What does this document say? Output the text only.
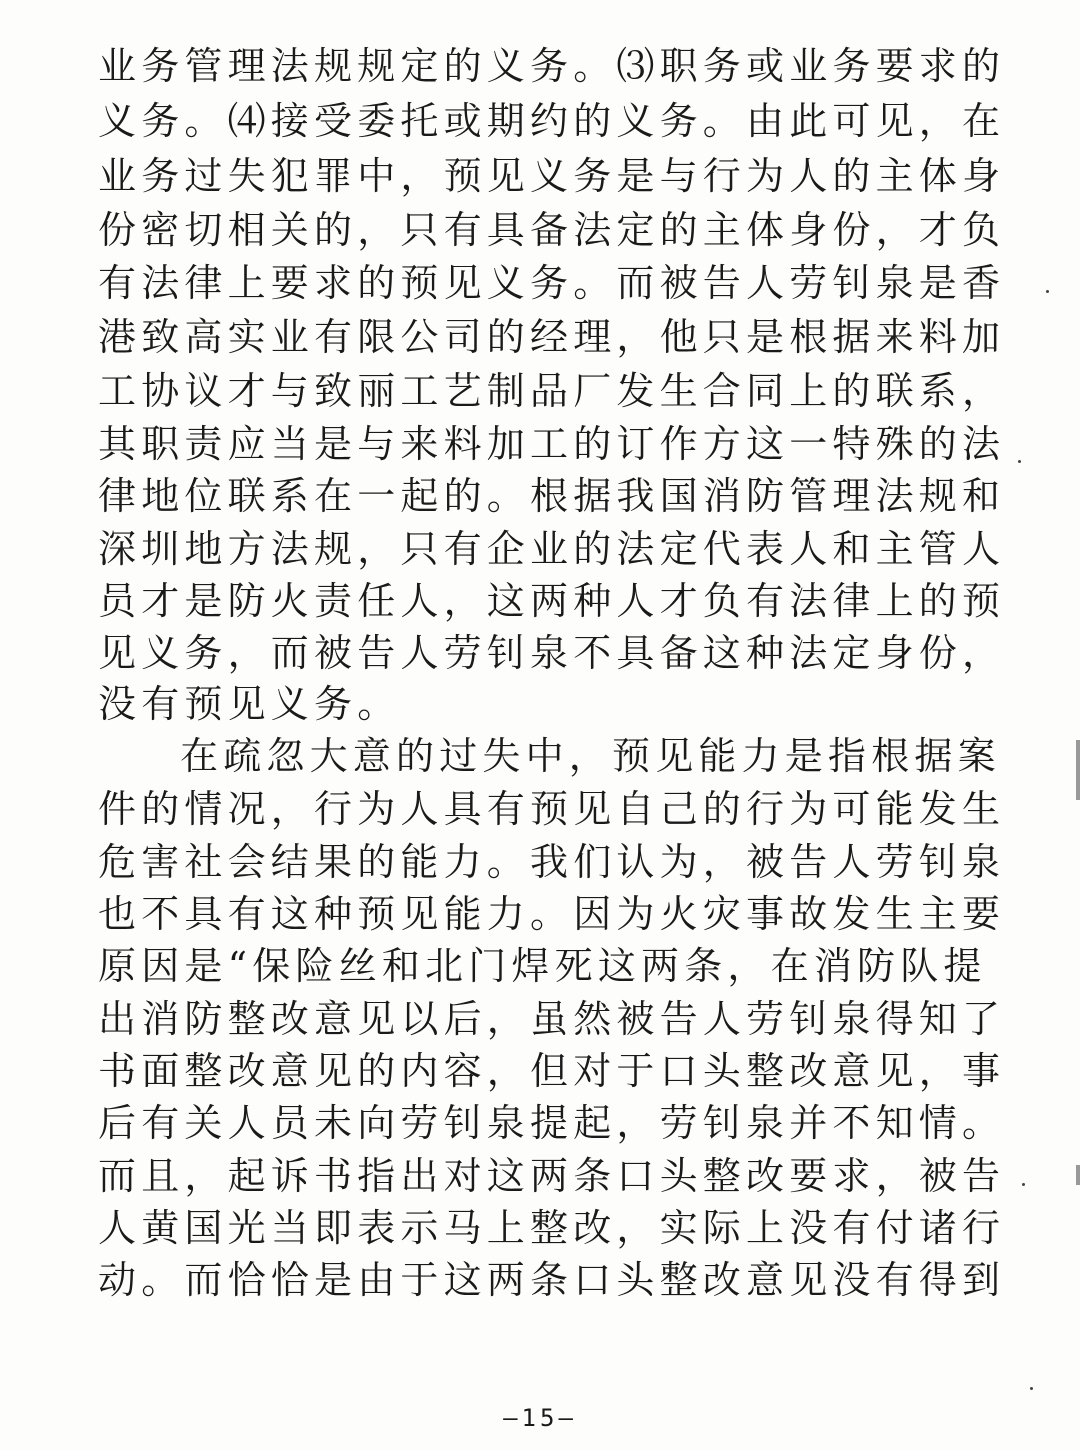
业务管理法规规定的义务。⑶职务或业务要求的
义务。⑷接受委托或期约的义务。由此可见，在
业务过失犯罪中，预见义务是与行为人的主体身
份密切相关的，只有具备法定的主体身份，才负
有法律上要求的预见义务。而被告人劳钊泉是香
港致高实业有限公司的经理，他只是根据来料加
工协议才与致丽工艺制品厂发生合同上的联系，
其职责应当是与来料加工的订作方这一特殊的法
律地位联系在一起的。根据我国消防管理法规和
深圳地方法规，只有企业的法定代表人和主管人
员才是防火责任人，这两种人才负有法律上的预
见义务，而被告人劳钊泉不具备这种法定身份，
没有预见义务。
在疏忽大意的过失中，预见能力是指根据案
件的情况，行为人具有预见自己的行为可能发生
危害社会结果的能力。我们认为，被告人劳钊泉
也不具有这种预见能力。因为火灾事故发生主要
原因是“保险丝和北门焊死这两条，在消防队提
出消防整改意见以后，虽然被告人劳钊泉得知了
书面整改意见的内容，但对于口头整改意见，事
后有关人员未向劳钊泉提起，劳钊泉并不知情。
而且，起诉书指出对这两条口头整改要求，被告
人黄国光当即表示马上整改，实际上没有付诸行
动。而恰恰是由于这两条口头整改意见没有得到
—15—
